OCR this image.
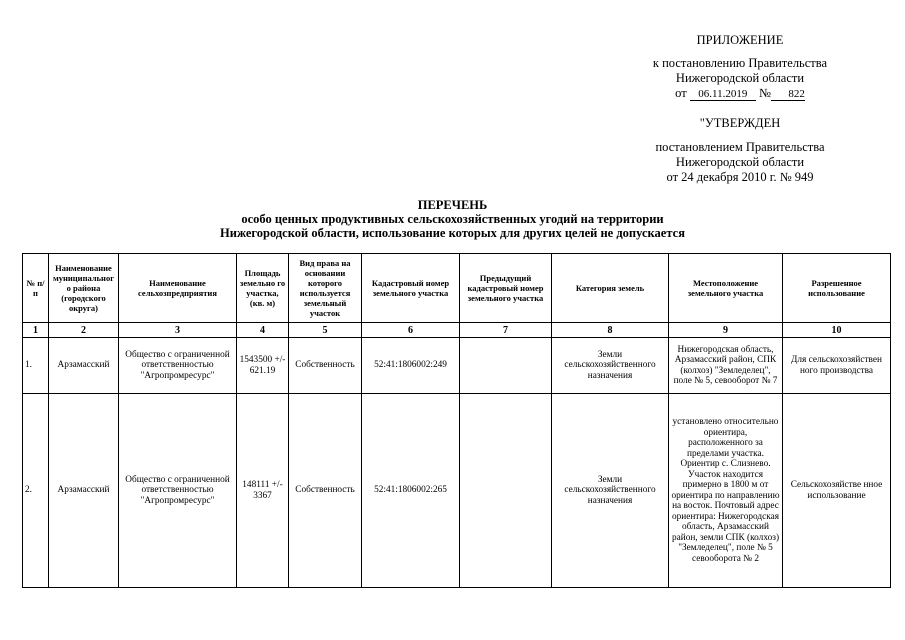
ПРИЛОЖЕНИЕ
к постановлению Правительства
Нижегородской области
от 06.11.2019 № 822
"УТВЕРЖДЕН
постановлением Правительства
Нижегородской области
от 24 декабря 2010 г. № 949
ПЕРЕЧЕНЬ
особо ценных продуктивных сельскохозяйственных угодий на территории
Нижегородской области, использование которых для других целей не допускается
№ п/п	Наименование муниципальног о района (городского округа)	Наименование сельхозпредприятия	Площадь земельно го участка, (кв. м)	Вид права на основании которого используется земельный участок	Кадастровый номер земельного участка	Предыдущий кадастровый номер земельного участка	Категория земель	Местоположение земельного участка	Разрешенное использование
1	2	3	4	5	6	7	8	9	10
1.	Арзамасский	Общество с ограниченной ответственностью "Агропромресурс"	1543500 +/- 621.19	Собственность	52:41:1806002:249		Земли сельскохозяйственного назначения	Нижегородская область, Арзамасский район, СПК (колхоз) "Земледелец", поле № 5, севооборот № 7	Для сельскохозяйствен ного производства
2.	Арзамасский	Общество с ограниченной ответственностью "Агропромресурс"	148111 +/- 3367	Собственность	52:41:1806002:265		Земли сельскохозяйственного назначения	установлено относительно ориентира, расположенного за пределами участка. Ориентир с. Слизнево. Участок находится примерно в 1800 м от ориентира по направлению на восток. Почтовый адрес ориентира: Нижегородская область, Арзамасский район, земли СПК (колхоз) "Земледелец", поле № 5 севооборота № 2	Сельскохозяйстве нное использование
